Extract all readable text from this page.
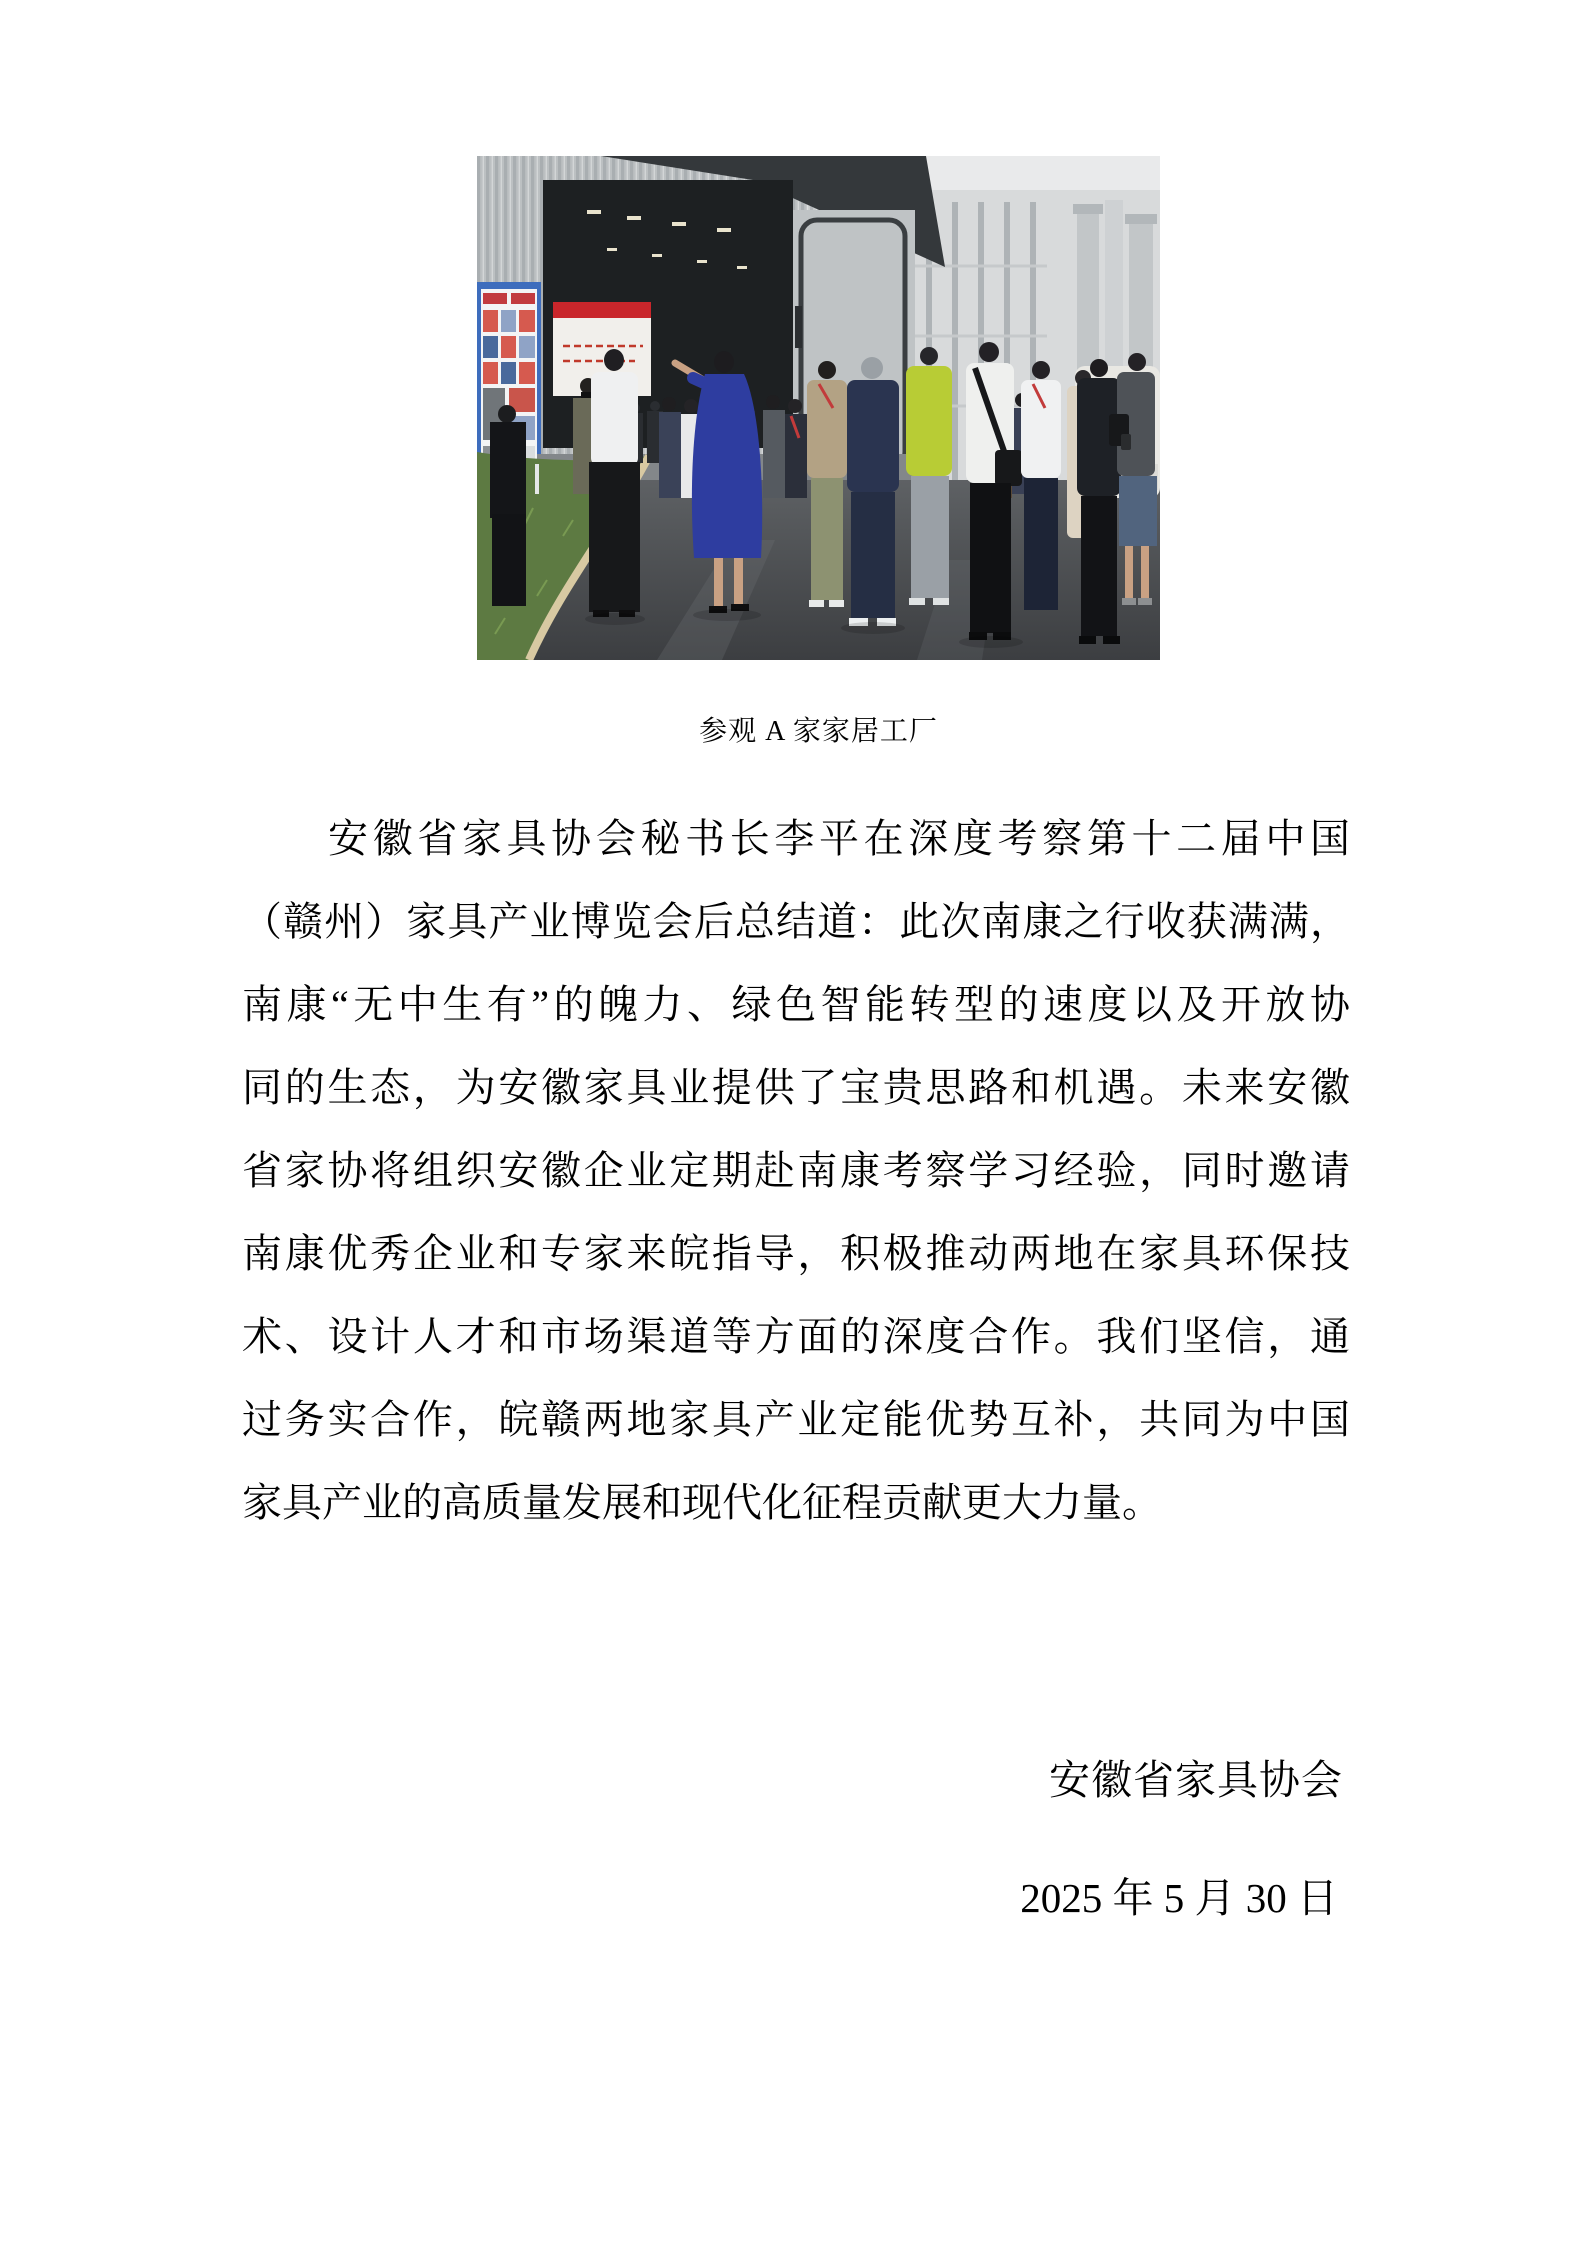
参观 A 家家居工厂
安徽省家具协会秘书长李平在深度考察第十二届中国
（赣州）家具产业博览会后总结道：此次南康之行收获满满，
南康“无中生有”的魄力、绿色智能转型的速度以及开放协
同的生态，为安徽家具业提供了宝贵思路和机遇。未来安徽
省家协将组织安徽企业定期赴南康考察学习经验，同时邀请
南康优秀企业和专家来皖指导，积极推动两地在家具环保技
术、设计人才和市场渠道等方面的深度合作。我们坚信，通
过务实合作，皖赣两地家具产业定能优势互补，共同为中国
家具产业的高质量发展和现代化征程贡献更大力量。
安徽省家具协会
2025 年 5 月 30 日
